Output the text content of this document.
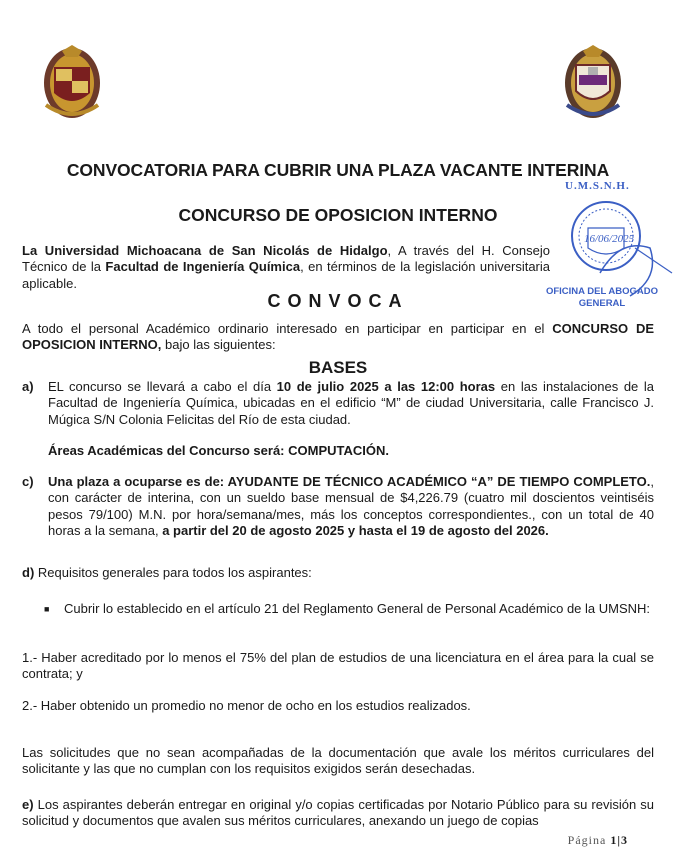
CONVOCATORIA PARA CUBRIR UNA PLAZA VACANTE INTERINA
CONCURSO DE OPOSICION INTERNO
U.M.S.N.H.
16/06/2025
OFICINA DEL ABOGADO
GENERAL
La Universidad Michoacana de San Nicolás de Hidalgo, A través del H. Consejo Técnico de la Facultad de Ingeniería Química, en términos de la legislación universitaria aplicable.
CONVOCA
A todo el personal Académico ordinario interesado en participar en participar en el CONCURSO DE OPOSICION INTERNO, bajo las siguientes:
BASES
a)	EL concurso se llevará a cabo el día 10 de julio 2025 a las 12:00 horas en las instalaciones de la Facultad de Ingeniería Química, ubicadas en el edificio “M” de ciudad Universitaria, calle Francisco J. Múgica S/N Colonia Felicitas del Río de esta ciudad.
Áreas Académicas del Concurso será: COMPUTACIÓN.
c)	Una plaza a ocuparse es de: AYUDANTE DE TÉCNICO ACADÉMICO “A” DE TIEMPO COMPLETO., con carácter de interina, con un sueldo base mensual de $4,226.79 (cuatro mil doscientos veintiséis pesos 79/100) M.N. por hora/semana/mes, más los conceptos correspondientes., con un total de 40 horas a la semana, a partir del 20 de agosto 2025 y hasta el 19 de agosto del 2026.
d) Requisitos generales para todos los aspirantes:
■	Cubrir lo establecido en el artículo 21 del Reglamento General de Personal Académico de la UMSNH:
1.- Haber acreditado por lo menos el 75% del plan de estudios de una licenciatura en el área para la cual se contrata; y
2.- Haber obtenido un promedio no menor de ocho en los estudios realizados.
Las solicitudes que no sean acompañadas de la documentación que avale los méritos curriculares del solicitante y las que no cumplan con los requisitos exigidos serán desechadas.
e) Los aspirantes deberán entregar en original y/o copias certificadas por Notario Público para su revisión su solicitud y documentos que avalen sus méritos curriculares, anexando un juego de copias
Página 1|3
